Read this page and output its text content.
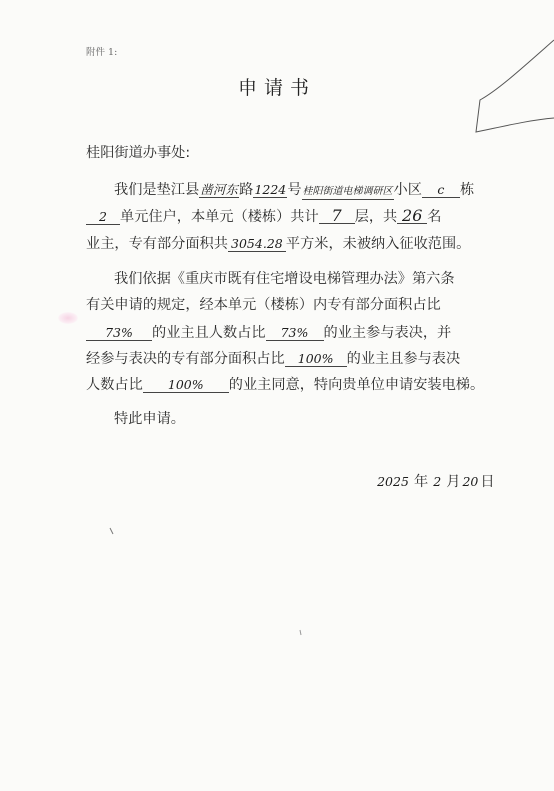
附件 1:
申请书
桂阳街道办事处:
我们是垫江县凿河东路1224号桂阳街道电梯调研区小区 c 栋
2 单元住户，本单元（楼栋）共计 7 层，共 26 名
业主，专有部分面积共 3054.28 平方米，未被纳入征收范围。
我们依据《重庆市既有住宅增设电梯管理办法》第六条
有关申请的规定，经本单元（楼栋）内专有部分面积占比
73% 的业主且人数占比 73% 的业主参与表决，并
经参与表决的专有部分面积占比 100% 的业主且参与表决
人数占比 100% 的业主同意，特向贵单位申请安装电梯。
特此申请。
2025 年 2 月 20 日
